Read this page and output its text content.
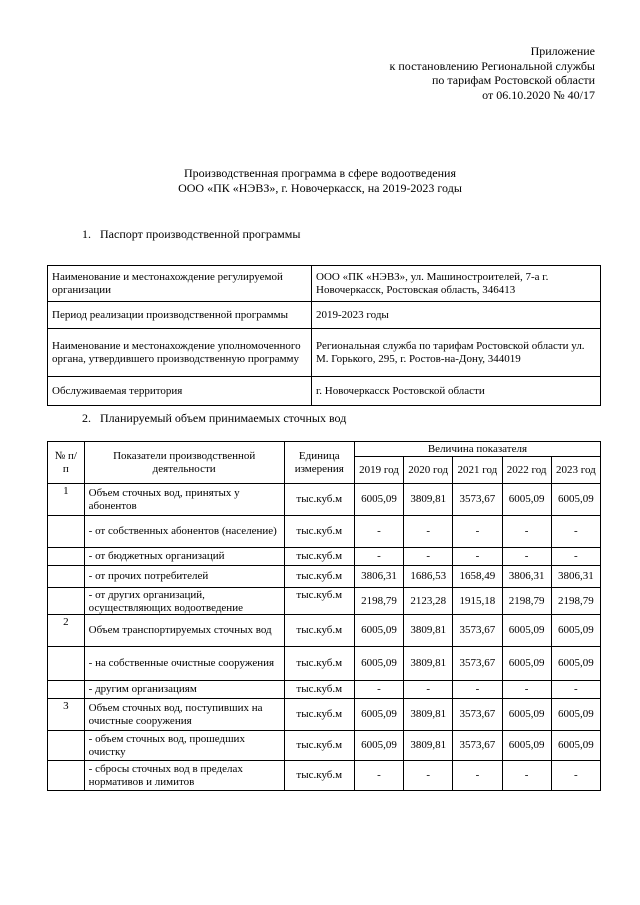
Приложение
к постановлению Региональной службы
по тарифам Ростовской области
от 06.10.2020 № 40/17
Производственная программа в сфере водоотведения
ООО «ПК «НЭВЗ», г. Новочеркасск, на 2019-2023 годы
1. Паспорт производственной программы
Наименование и местонахождение регулируемой организации	ООО «ПК «НЭВЗ», ул. Машиностроителей, 7-а г. Новочеркасск, Ростовская область, 346413
Период реализации производственной программы	2019-2023 годы
Наименование и местонахождение уполномоченного органа, утвердившего производственную программу	Региональная служба по тарифам Ростовской области ул. М. Горького, 295, г. Ростов-на-Дону, 344019
Обслуживаемая территория	г. Новочеркасск Ростовской области
2. Планируемый объем принимаемых сточных вод
№ п/п	Показатели производственной деятельности	Единица измерения	Величина показателя				
			2019 год	2020 год	2021 год	2022 год	2023 год
1	Объем сточных вод, принятых у абонентов	тыс.куб.м	6005,09	3809,81	3573,67	6005,09	6005,09
	- от собственных абонентов (население)	тыс.куб.м	-	-	-	-	-
	- от бюджетных организаций	тыс.куб.м	-	-	-	-	-
	- от прочих потребителей	тыс.куб.м	3806,31	1686,53	1658,49	3806,31	3806,31
	- от других организаций, осуществляющих водоотведение	тыс.куб.м	2198,79	2123,28	1915,18	2198,79	2198,79
2	Объем транспортируемых сточных вод	тыс.куб.м	6005,09	3809,81	3573,67	6005,09	6005,09
	- на собственные очистные сооружения	тыс.куб.м	6005,09	3809,81	3573,67	6005,09	6005,09
	- другим организациям	тыс.куб.м	-	-	-	-	-
3	Объем сточных вод, поступивших на очистные сооружения	тыс.куб.м	6005,09	3809,81	3573,67	6005,09	6005,09
	- объем сточных вод, прошедших очистку	тыс.куб.м	6005,09	3809,81	3573,67	6005,09	6005,09
	- сбросы сточных вод в пределах нормативов и лимитов	тыс.куб.м	-	-	-	-	-
